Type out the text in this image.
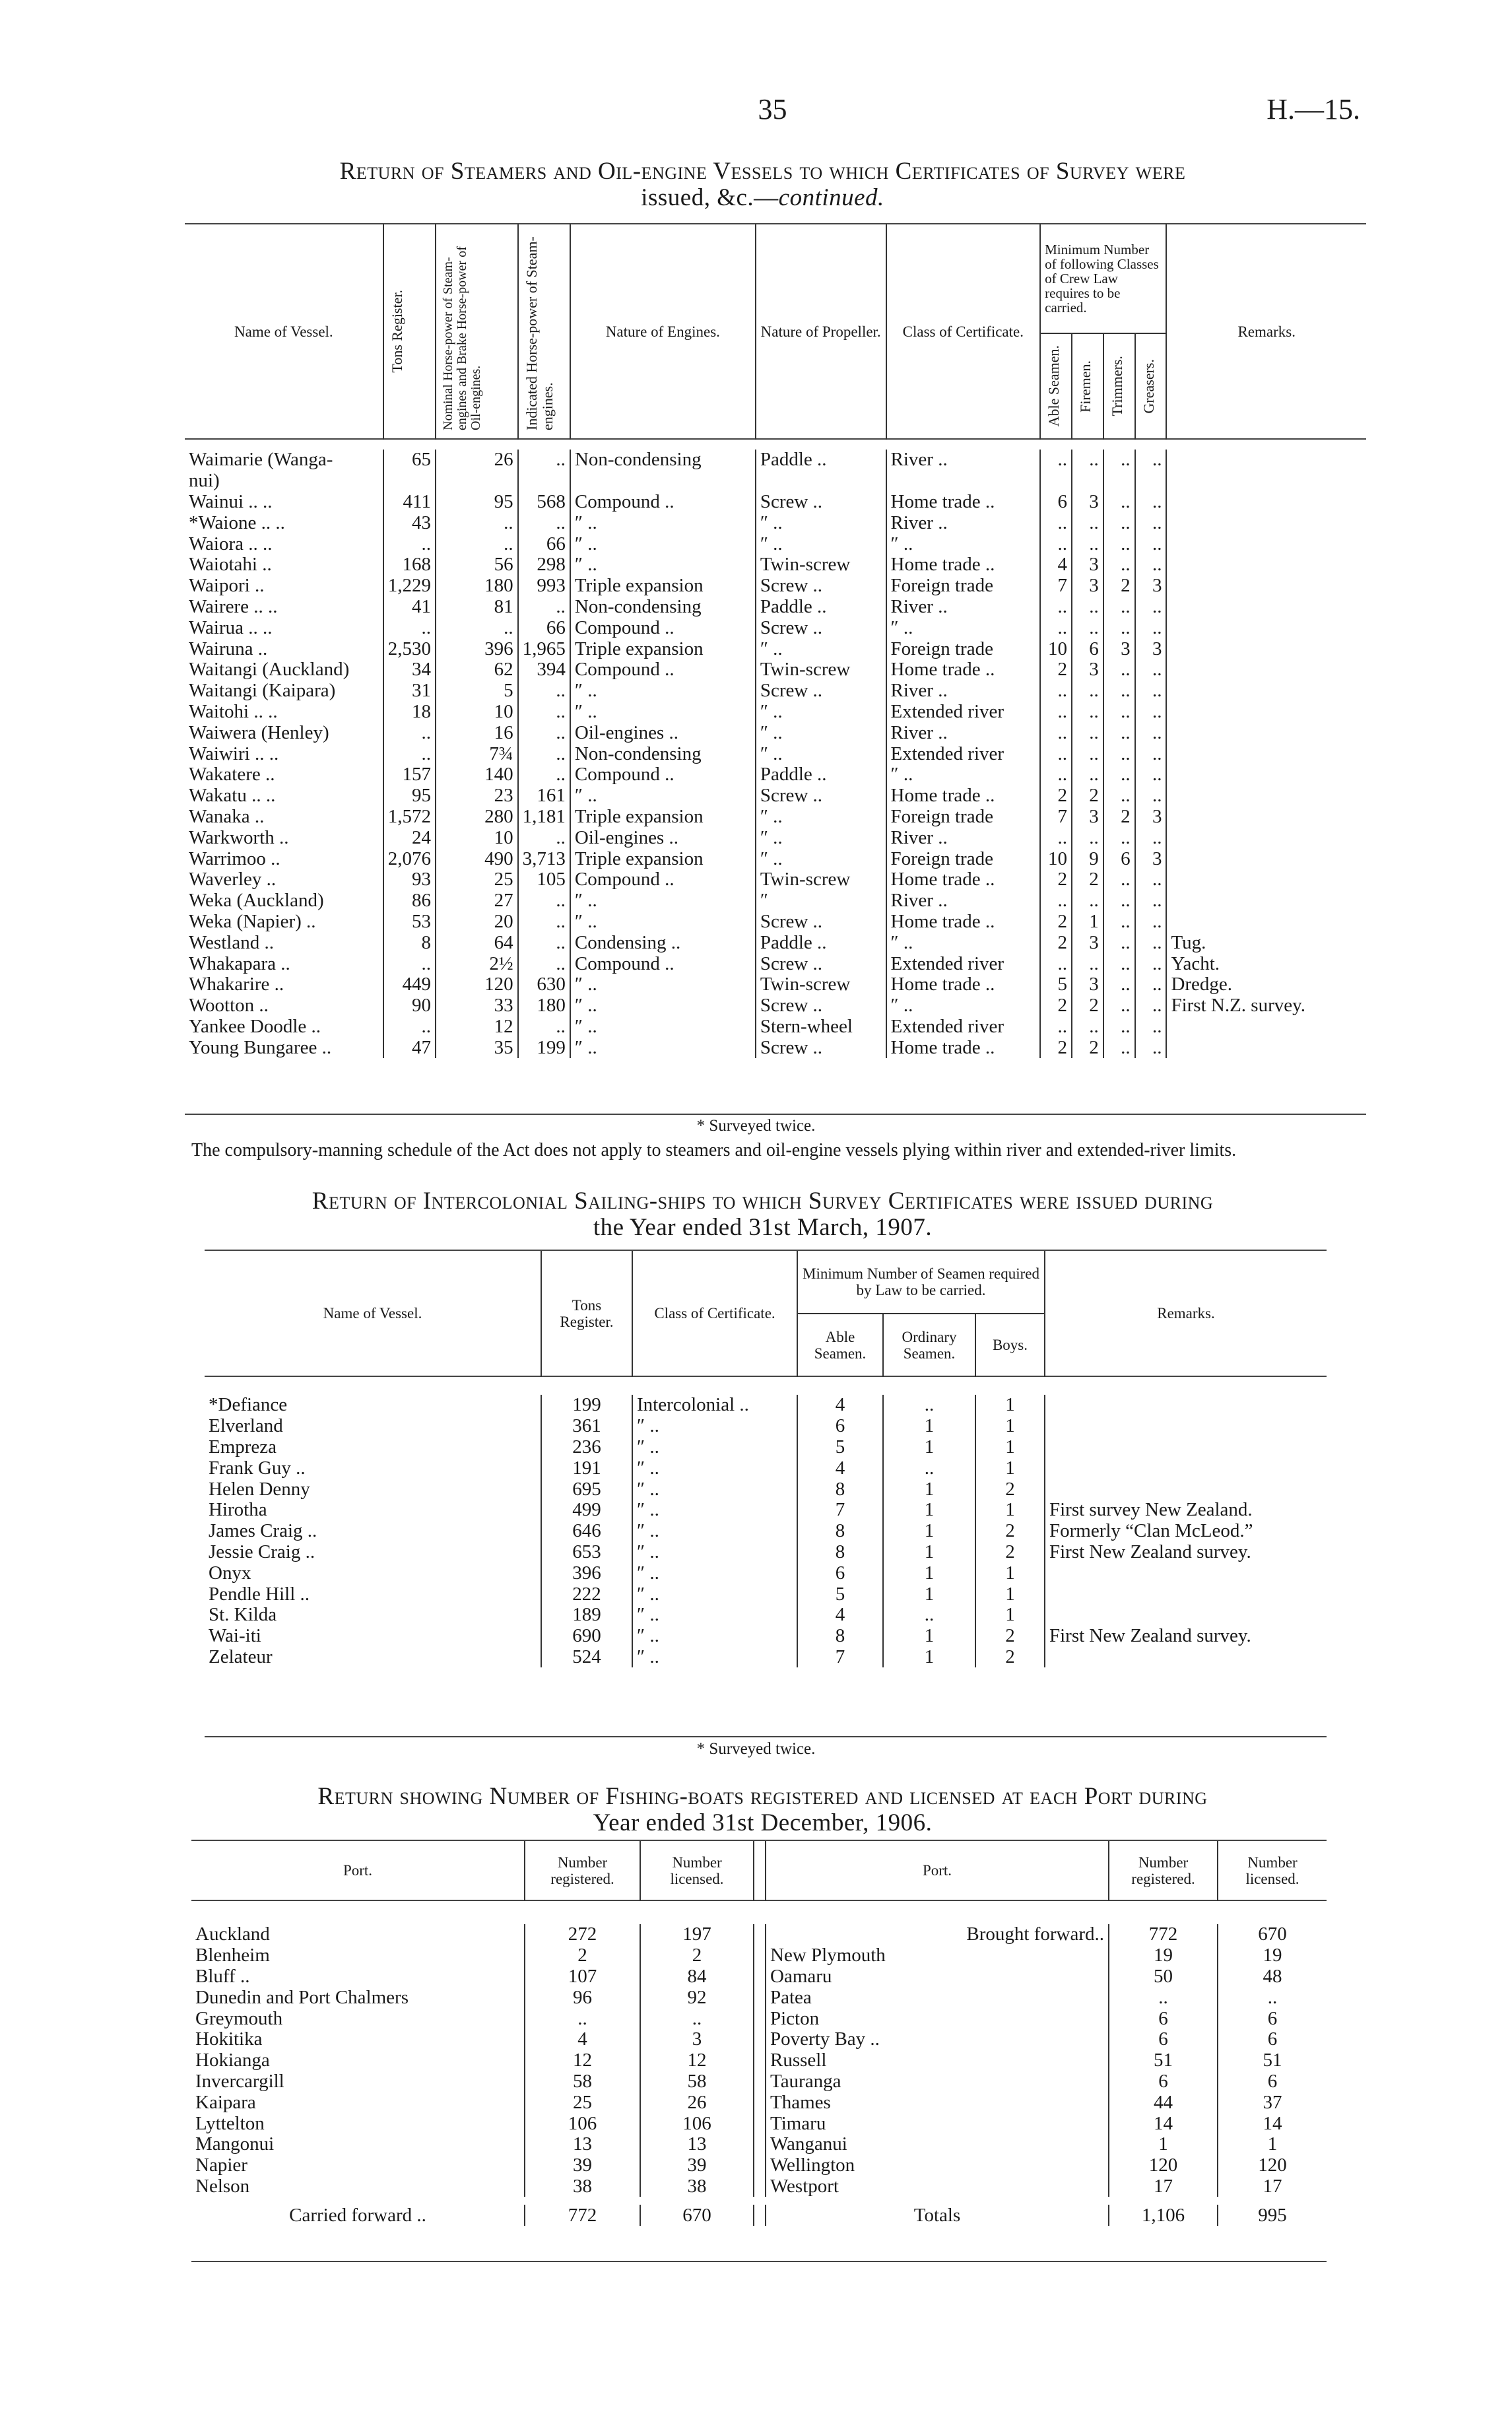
35	H.—15.
Return of Steamers and Oil-engine Vessels to which Certificates of Survey were
issued, &c.—continued.
Name of Vessel.	Tons Register.	Nominal Horse-power of Steam-engines and Brake Horse-power of Oil-engines.	Indicated Horse-power of Steam-engines.	Nature of Engines.	Nature of Propeller.	Class of Certificate.	Minimum Number of following Classes of Crew Law requires to be carried.				Remarks.

							Able Seamen.	Firemen.	Trimmers.	Greasers.	

Waimarie (Wanga-	65	26	..	Non-condensing	Paddle ..	River ..	..	..	..	..	
nui)											
Wainui .. ..	411	95	568	Compound ..	Screw ..	Home trade ..	6	3	..	..	
*Waione .. ..	43	..	..	″ ..	″ ..	River ..	..	..	..	..	
Waiora .. ..	..	..	66	″ ..	″ ..	″ ..	..	..	..	..	
Waiotahi ..	168	56	298	″ ..	Twin-screw	Home trade ..	4	3	..	..	
Waipori ..	1,229	180	993	Triple expansion	Screw ..	Foreign trade	7	3	2	3	
Wairere .. ..	41	81	..	Non-condensing	Paddle ..	River ..	..	..	..	..	
Wairua .. ..	..	..	66	Compound ..	Screw ..	″ ..	..	..	..	..	
Wairuna ..	2,530	396	1,965	Triple expansion	″ ..	Foreign trade	10	6	3	3	
Waitangi (Auckland)	34	62	394	Compound ..	Twin-screw	Home trade ..	2	3	..	..	
Waitangi (Kaipara)	31	5	..	″ ..	Screw ..	River ..	..	..	..	..	
Waitohi .. ..	18	10	..	″ ..	″ ..	Extended river	..	..	..	..	
Waiwera (Henley)	..	16	..	Oil-engines ..	″ ..	River ..	..	..	..	..	
Waiwiri .. ..	..	7¾	..	Non-condensing	″ ..	Extended river	..	..	..	..	
Wakatere ..	157	140	..	Compound ..	Paddle ..	″ ..	..	..	..	..	
Wakatu .. ..	95	23	161	″ ..	Screw ..	Home trade ..	2	2	..	..	
Wanaka ..	1,572	280	1,181	Triple expansion	″ ..	Foreign trade	7	3	2	3	
Warkworth ..	24	10	..	Oil-engines ..	″ ..	River ..	..	..	..	..	
Warrimoo ..	2,076	490	3,713	Triple expansion	″ ..	Foreign trade	10	9	6	3	
Waverley ..	93	25	105	Compound ..	Twin-screw	Home trade ..	2	2	..	..	
Weka (Auckland)	86	27	..	″ ..	″	River ..	..	..	..	..	
Weka (Napier) ..	53	20	..	″ ..	Screw ..	Home trade ..	2	1	..	..	
Westland ..	8	64	..	Condensing ..	Paddle ..	″ ..	2	3	..	..	Tug.
Whakapara ..	..	2½	..	Compound ..	Screw ..	Extended river	..	..	..	..	Yacht.
Whakarire ..	449	120	630	″ ..	Twin-screw	Home trade ..	5	3	..	..	Dredge.
Wootton ..	90	33	180	″ ..	Screw ..	″ ..	2	2	..	..	First N.Z. survey.
Yankee Doodle ..	..	12	..	″ ..	Stern-wheel	Extended river	..	..	..	..	
Young Bungaree ..	47	35	199	″ ..	Screw ..	Home trade ..	2	2	..	..	
* Surveyed twice.
The compulsory-manning schedule of the Act does not apply to steamers and oil-engine vessels plying within river and extended-river limits.
Return of Intercolonial Sailing-ships to which Survey Certificates were issued during
the Year ended 31st March, 1907.
Name of Vessel.	Tons Register.	Class of Certificate.	Minimum Number of Seamen required by Law to be carried.			Remarks.
			Able Seamen.	Ordinary Seamen.	Boys.	

*Defiance	199	Intercolonial ..	4	..	1	
Elverland	361	″ ..	6	1	1	
Empreza	236	″ ..	5	1	1	
Frank Guy ..	191	″ ..	4	..	1	
Helen Denny	695	″ ..	8	1	2	
Hirotha	499	″ ..	7	1	1	First survey New Zealand.
James Craig ..	646	″ ..	8	1	2	Formerly “Clan McLeod.”
Jessie Craig ..	653	″ ..	8	1	2	First New Zealand survey.
Onyx	396	″ ..	6	1	1	
Pendle Hill ..	222	″ ..	5	1	1	
St. Kilda	189	″ ..	4	..	1	
Wai-iti	690	″ ..	8	1	2	First New Zealand survey.
Zelateur	524	″ ..	7	1	2	
* Surveyed twice.
Return showing Number of Fishing-boats registered and licensed at each Port during
Year ended 31st December, 1906.
Port.	Number registered.	Number licensed.		Port.	Number registered.	Number licensed.

Auckland	272	197		Brought forward..	772	670
Blenheim	2	2		New Plymouth	19	19
Bluff ..	107	84		Oamaru	50	48
Dunedin and Port Chalmers	96	92		Patea	..	..
Greymouth	..	..		Picton	6	6
Hokitika	4	3		Poverty Bay ..	6	6
Hokianga	12	12		Russell	51	51
Invercargill	58	58		Tauranga	6	6
Kaipara	25	26		Thames	44	37
Lyttelton	106	106		Timaru	14	14
Mangonui	13	13		Wanganui	1	1
Napier	39	39		Wellington	120	120
Nelson	38	38		Westport	17	17

Carried forward ..	772	670		Totals	1,106	995
